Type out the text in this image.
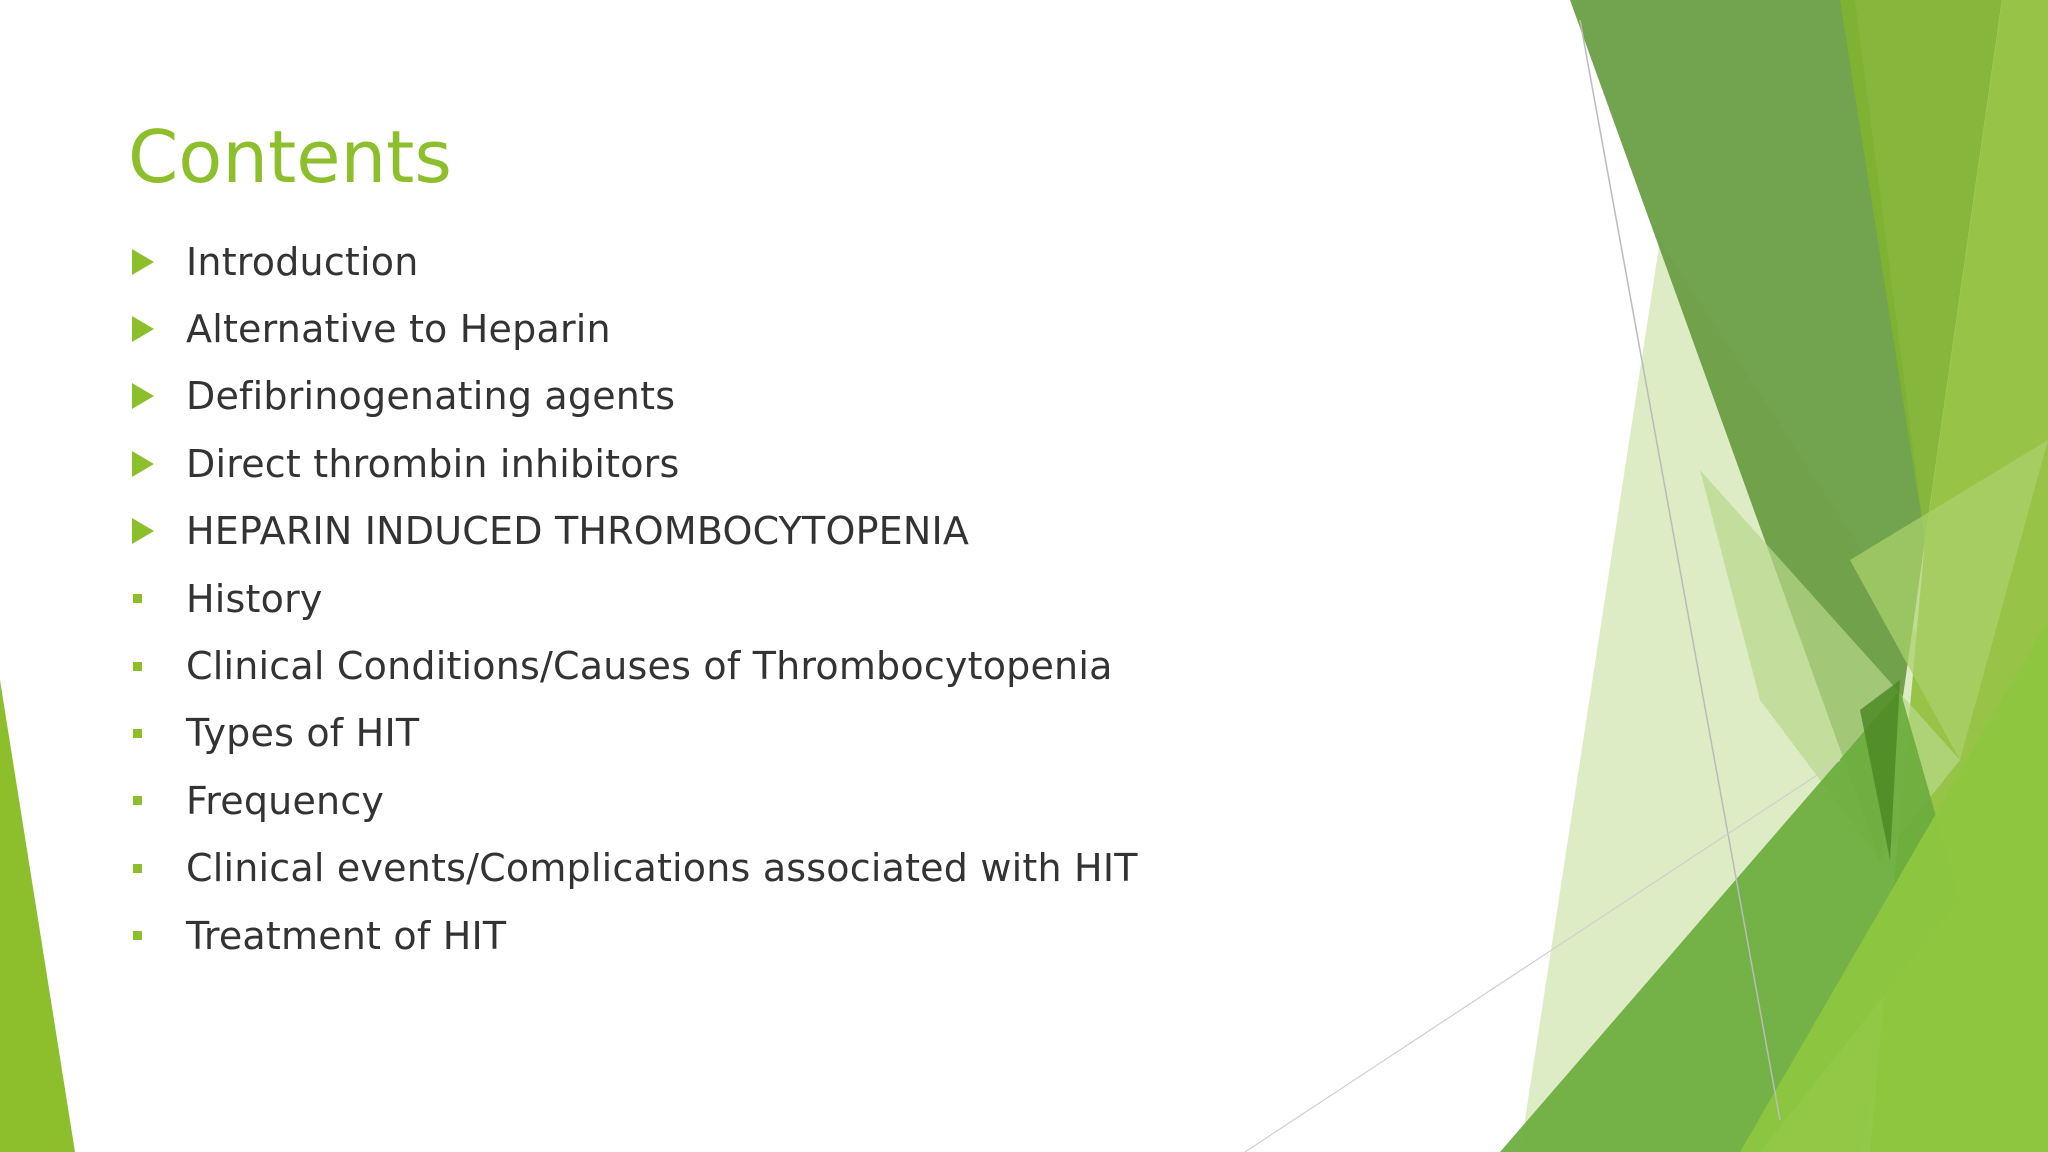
Contents
Introduction
Alternative to Heparin
Defibrinogenating agents
Direct thrombin inhibitors
HEPARIN INDUCED THROMBOCYTOPENIA
History
Clinical Conditions/Causes of Thrombocytopenia
Types of HIT
Frequency
Clinical events/Complications associated with HIT
Treatment of HIT
